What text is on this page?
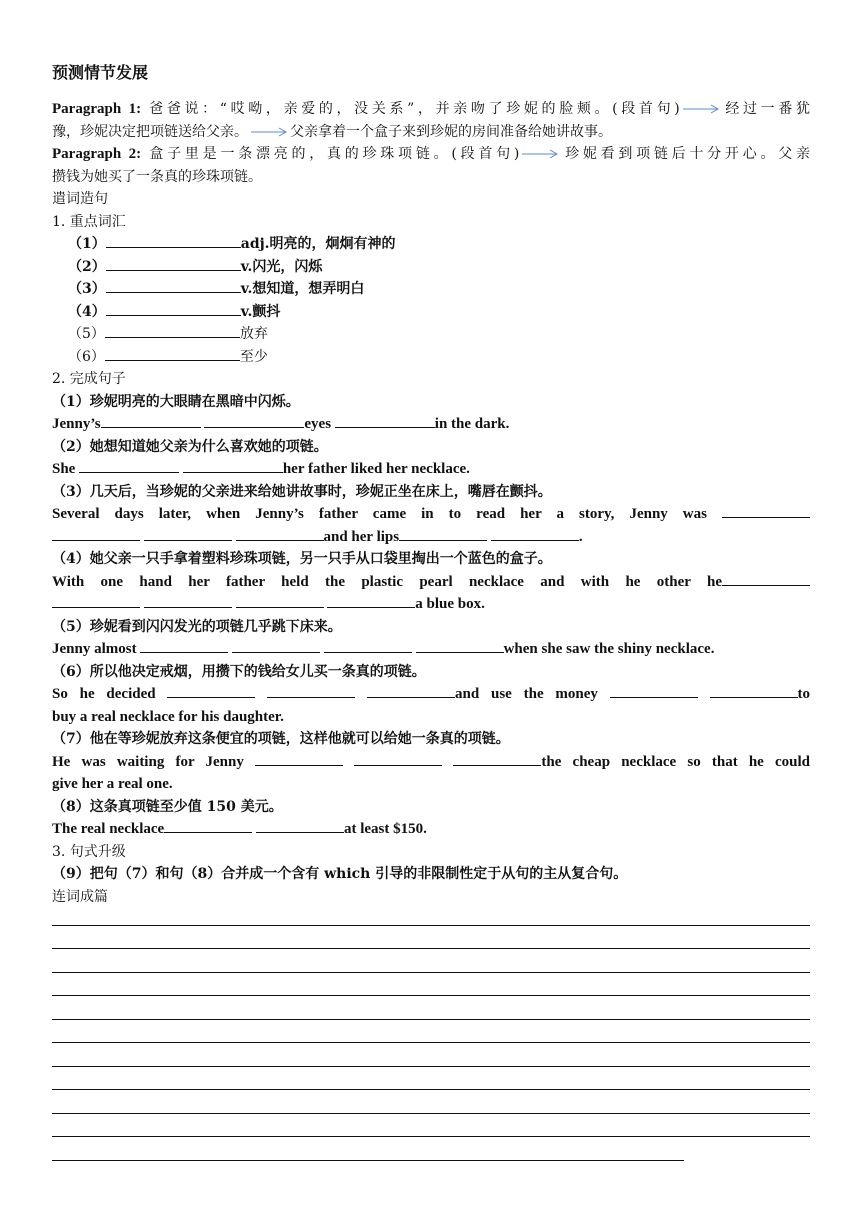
预测情节发展
Paragraph 1: 爸爸说：“哎呦，亲爱的，没关系”，并亲吻了珍妮的脸颊。(段首句)	经过一番犹
豫，珍妮决定把项链送给父亲。	父亲拿着一个盒子来到珍妮的房间准备给她讲故事。
Paragraph 2: 盒子里是一条漂亮的，真的珍珠项链。(段首句)	珍妮看到项链后十分开心。父亲
攒钱为她买了一条真的珍珠项链。
遣词造句
1. 重点词汇
（1）	adj.明亮的，炯炯有神的
（2）	v.闪光，闪烁
（3）	v.想知道，想弄明白
（4）	v.颤抖
（5）	放弃
（6）	至少
2. 完成句子
（1）珍妮明亮的大眼睛在黑暗中闪烁。
Jenny’s	eyes	in the dark.
（2）她想知道她父亲为什么喜欢她的项链。
She	her father liked her necklace.
（3）几天后，当珍妮的父亲进来给她讲故事时，珍妮正坐在床上，嘴唇在颤抖。
Several days later, when Jenny’s father came in to read her a story, Jenny was
and her lips	.
（4）她父亲一只手拿着塑料珍珠项链，另一只手从口袋里掏出一个蓝色的盒子。
With one hand her father held the plastic pearl necklace and with he other he
a blue box.
（5）珍妮看到闪闪发光的项链几乎跳下床来。
Jenny almost	when she saw the shiny necklace.
（6）所以他决定戒烟，用攒下的钱给女儿买一条真的项链。
So he decided	and use the money	to
buy a real necklace for his daughter.
（7）他在等珍妮放弃这条便宜的项链，这样他就可以给她一条真的项链。
He was waiting for Jenny	the cheap necklace so that he could
give her a real one.
（8）这条真项链至少值 150 美元。
The real necklace	at least $150.
3. 句式升级
（9）把句（7）和句（8）合并成一个含有 which 引导的非限制性定于从句的主从复合句。
连词成篇
